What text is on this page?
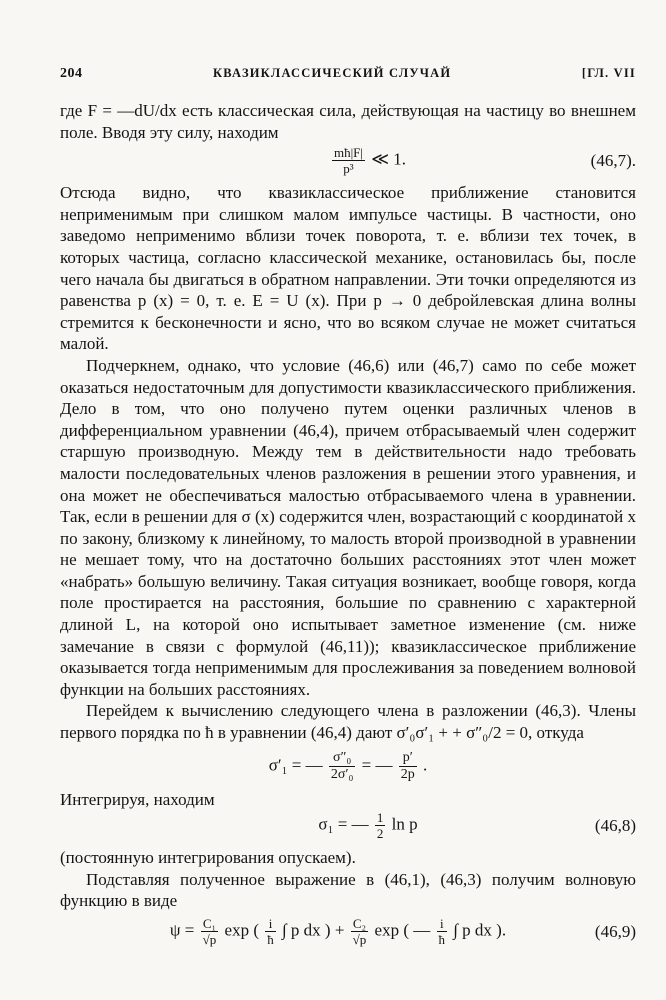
204	КВАЗИКЛАССИЧЕСКИЙ СЛУЧАЙ	[ГЛ. VII

где F = —dU/dx есть классическая сила, действующая на частицу во внешнем поле. Вводя эту силу, находим

$\frac{mħ|F|}{\text{p³}}$ ≪ 1.	(46,7).

Отсюда видно, что квазиклассическое приближение становится неприменимым при слишком малом импульсе частицы. В частности, оно заведомо неприменимо вблизи точек поворота, т. е. вблизи тех точек, в которых частица, согласно классической механике, остановилась бы, после чего начала бы двигаться в обратном направлении. Эти точки определяются из равенства p (x) = 0, т. е. E = U (x). При p → 0 дебройлевская длина волны стремится к бесконечности и ясно, что во всяком случае не может считаться малой.

Подчеркнем, однако, что условие (46,6) или (46,7) само по себе может оказаться недостаточным для допустимости квазиклассического приближения. Дело в том, что оно получено путем оценки различных членов в дифференциальном уравнении (46,4), причем отбрасываемый член содержит старшую производную. Между тем в действительности надо требовать малости последовательных членов разложения в решении этого уравнения, и она может не обеспечиваться малостью отбрасываемого члена в уравнении. Так, если в решении для σ (x) содержится член, возрастающий с координатой x по закону, близкому к линейному, то малость второй производной в уравнении не мешает тому, что на достаточно больших расстояниях этот член может «набрать» большую величину. Такая ситуация возникает, вообще говоря, когда поле простирается на расстояния, большие по сравнению с характерной длиной L, на которой оно испытывает заметное изменение (см. ниже замечание в связи с формулой (46,11)); квазиклассическое приближение оказывается тогда неприменимым для прослеживания за поведением волновой функции на больших расстояниях.

Перейдем к вычислению следующего члена в разложении (46,3). Члены первого порядка по ħ в уравнении (46,4) дают σ′₀σ′₁ + + σ″₀/2 = 0, откуда

σ′₁ = — $\frac{\text{σ″₀}}{\text{2σ′₀}}$ = — $\frac{p'}{2p}$ .

Интегрируя, находим

σ₁ = — $\frac{1}{2}$ ln p	(46,8)

(постоянную интегрирования опускаем).

Подставляя полученное выражение в (46,1), (46,3) получим волновую функцию в виде

$\psi = \frac{\text{C₁}}{√p}$ exp ( $\frac{i}{ħ}$ ∫ p dx ) + $\frac{\text{C₂}}{√p}$ exp ( — $\frac{i}{ħ}$ ∫ p dx ).	(46,9)
